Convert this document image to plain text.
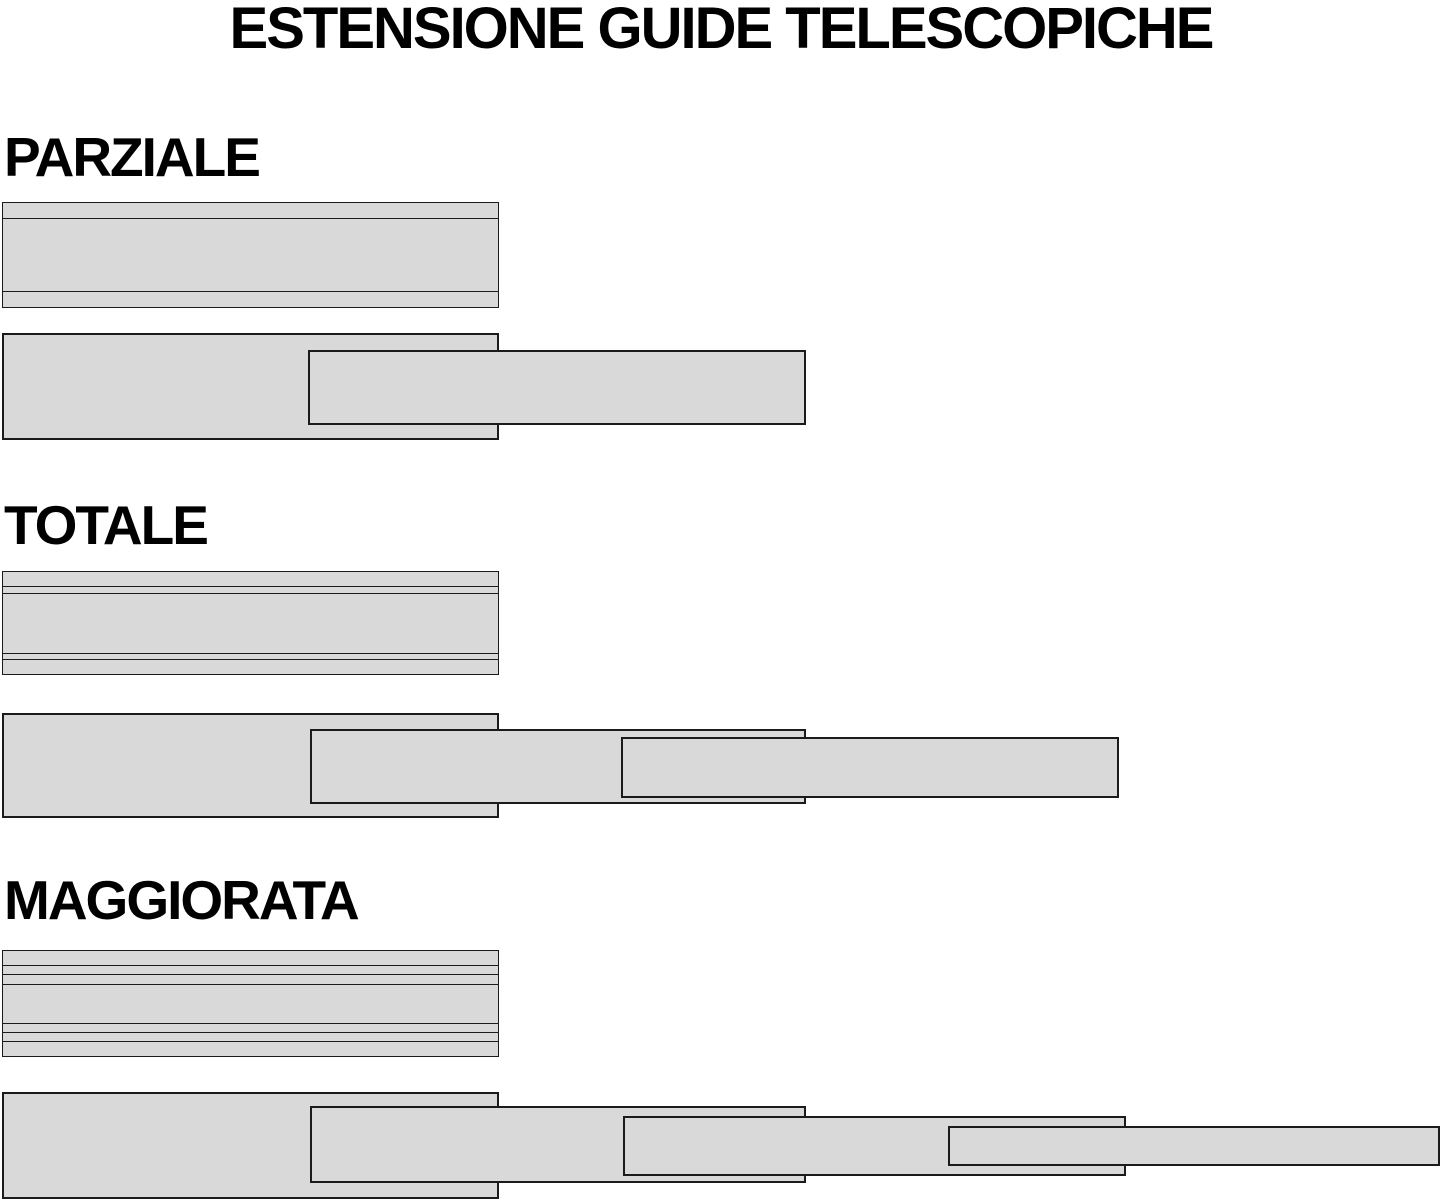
ESTENSIONE GUIDE TELESCOPICHE
PARZIALE
TOTALE
MAGGIORATA
